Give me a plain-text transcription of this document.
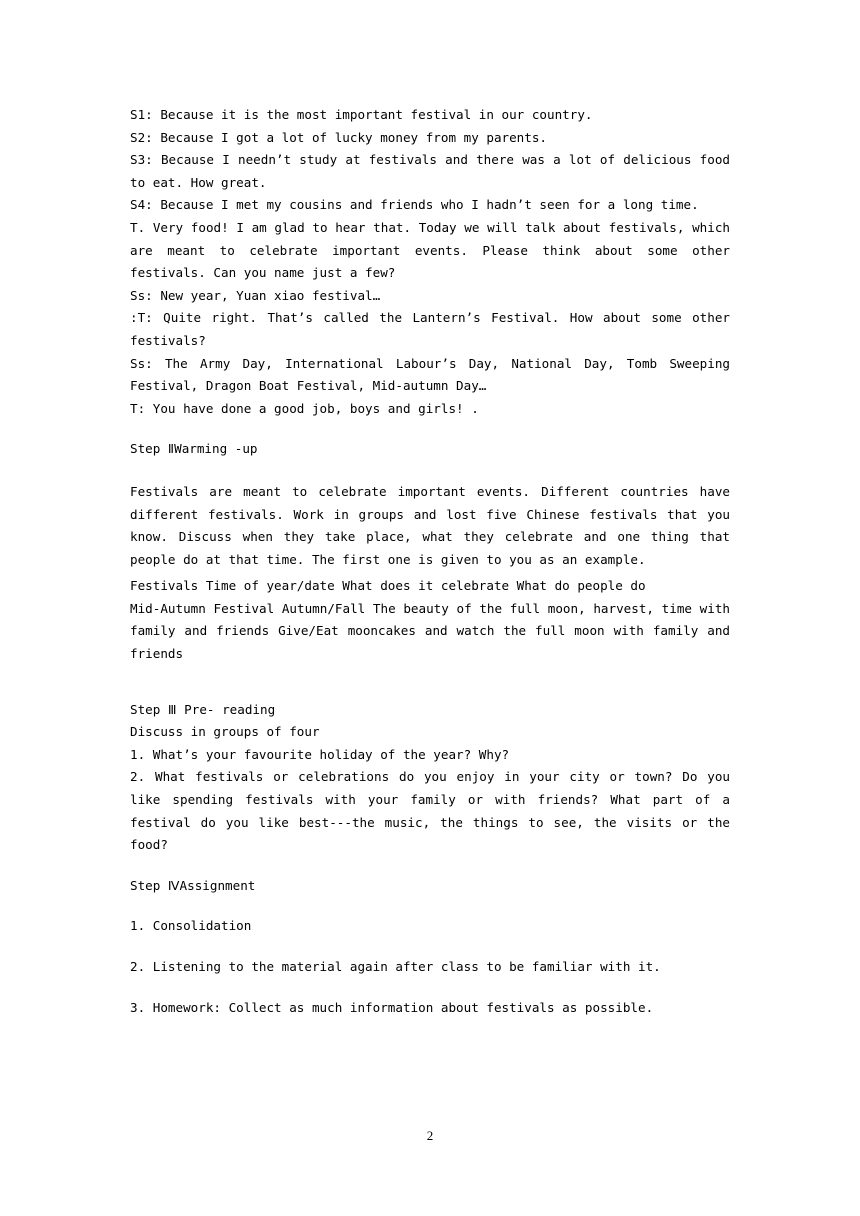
S1: Because it is the most important festival in our country.

S2: Because I got a lot of lucky money from my parents.

S3: Because I needn’t study at festivals and there was a lot of delicious food to eat. How great.

S4: Because I met my cousins and friends who I hadn’t seen for a long time.

T. Very food! I am glad to hear that. Today we will talk about festivals, which are meant to celebrate important events. Please think about some other festivals. Can you name just a few?

Ss: New year, Yuan xiao festival…

:T: Quite right. That’s called the Lantern’s Festival. How about some other festivals?

Ss: The Army Day, International Labour’s Day, National Day, Tomb Sweeping Festival, Dragon Boat Festival, Mid-autumn Day…

T: You have done a good job, boys and girls! .

Step ⅡWarming -up

Festivals are meant to celebrate important events. Different countries have different festivals. Work in groups and lost five Chinese festivals that you know. Discuss when they take place, what they celebrate and one thing that people do at that time. The first one is given to you as an example.

Festivals Time of year/date What does it celebrate What do people do

Mid-Autumn Festival Autumn/Fall The beauty of the full moon, harvest, time with family and friends Give/Eat mooncakes and watch the full moon with family and friends

Step Ⅲ Pre- reading

Discuss in groups of four

1. What’s your favourite holiday of the year? Why?

2. What festivals or celebrations do you enjoy in your city or town? Do you like spending festivals with your family or with friends? What part of a festival do you like best---the music, the things to see, the visits or the food?

Step ⅣAssignment

1. Consolidation

2. Listening to the material again after class to be familiar with it.

3. Homework: Collect as much information about festivals as possible.

2
